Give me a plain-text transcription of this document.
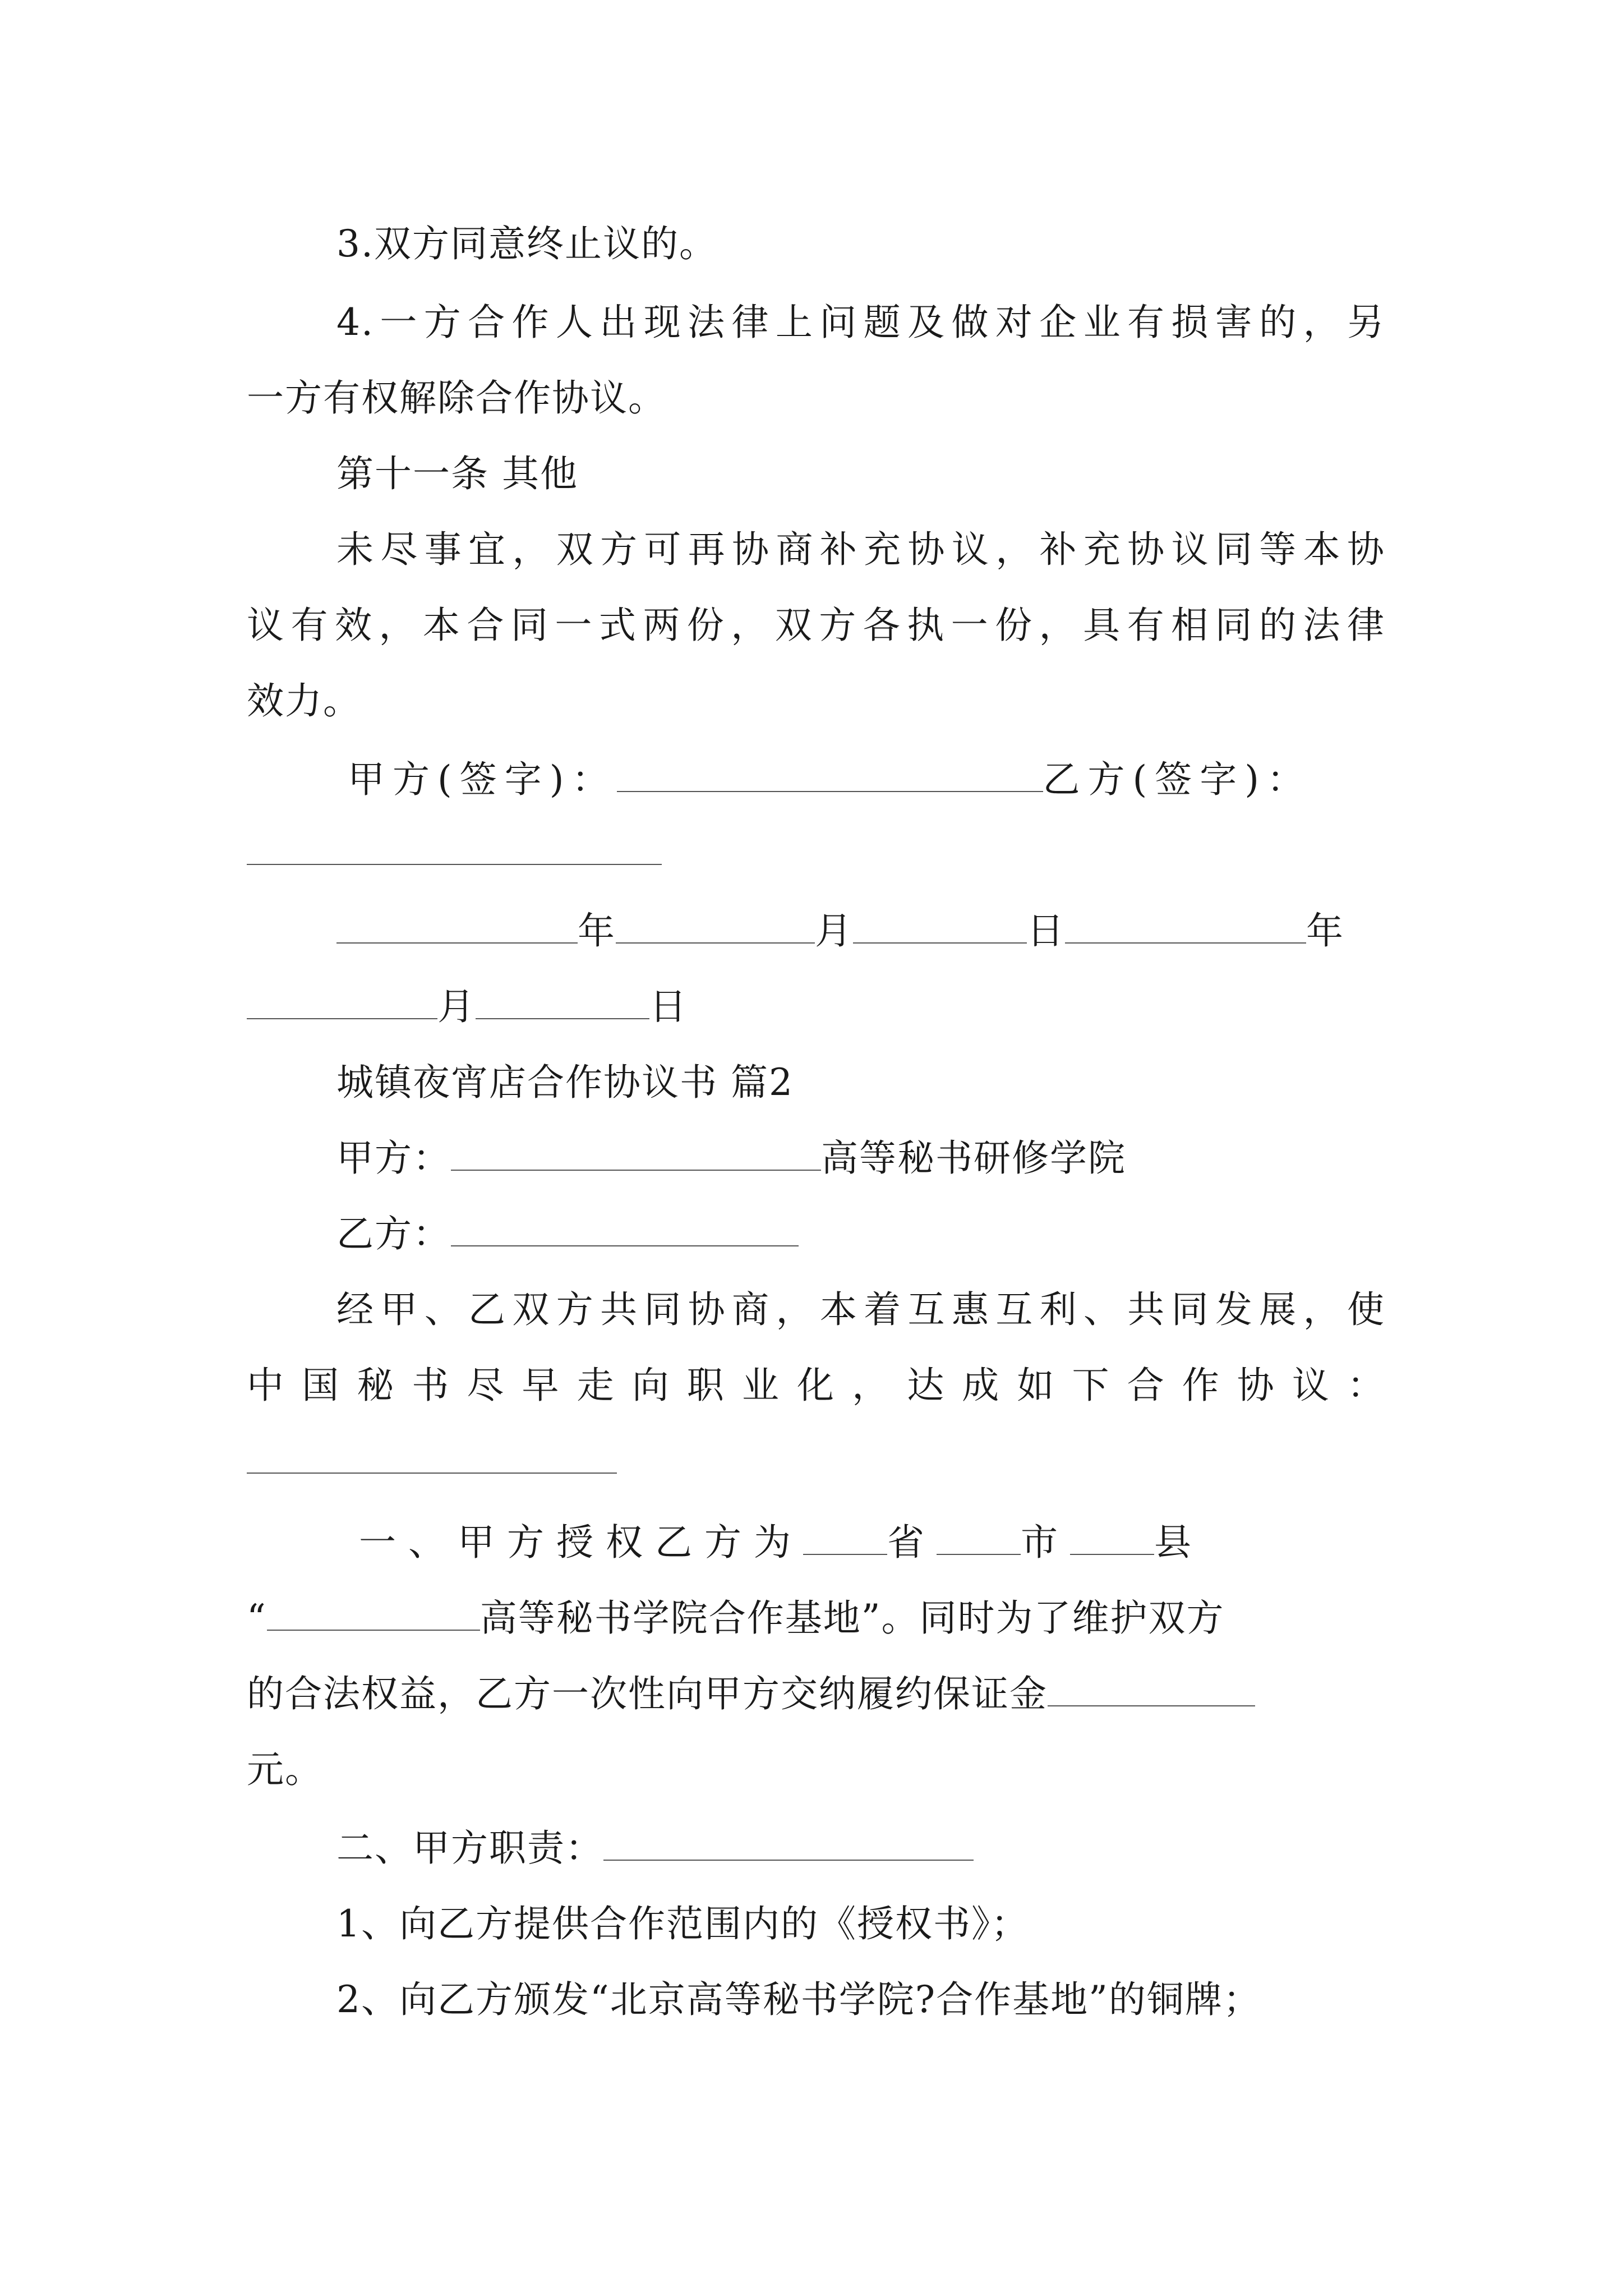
3.双方同意终止议的。
4.一方合作人出现法律上问题及做对企业有损害的，另
一方有权解除合作协议。
第十一条 其他
未尽事宜，双方可再协商补充协议，补充协议同等本协
议有效，本合同一式两份，双方各执一份，具有相同的法律
效力。
甲方(签字)：	乙方(签字)：
年	月	日	年
月	日
城镇夜宵店合作协议书 篇2
甲方：	高等秘书研修学院
乙方：
经甲、乙双方共同协商，本着互惠互利、共同发展，使
中国秘书尽早走向职业化，达成如下合作协议：
一、甲方授权乙方为 省 市 县
“	高等秘书学院合作基地”。同时为了维护双方
的合法权益，乙方一次性向甲方交纳履约保证金
元。
二、甲方职责：
1、向乙方提供合作范围内的《授权书》；
2、向乙方颁发“北京高等秘书学院?合作基地”的铜牌；
